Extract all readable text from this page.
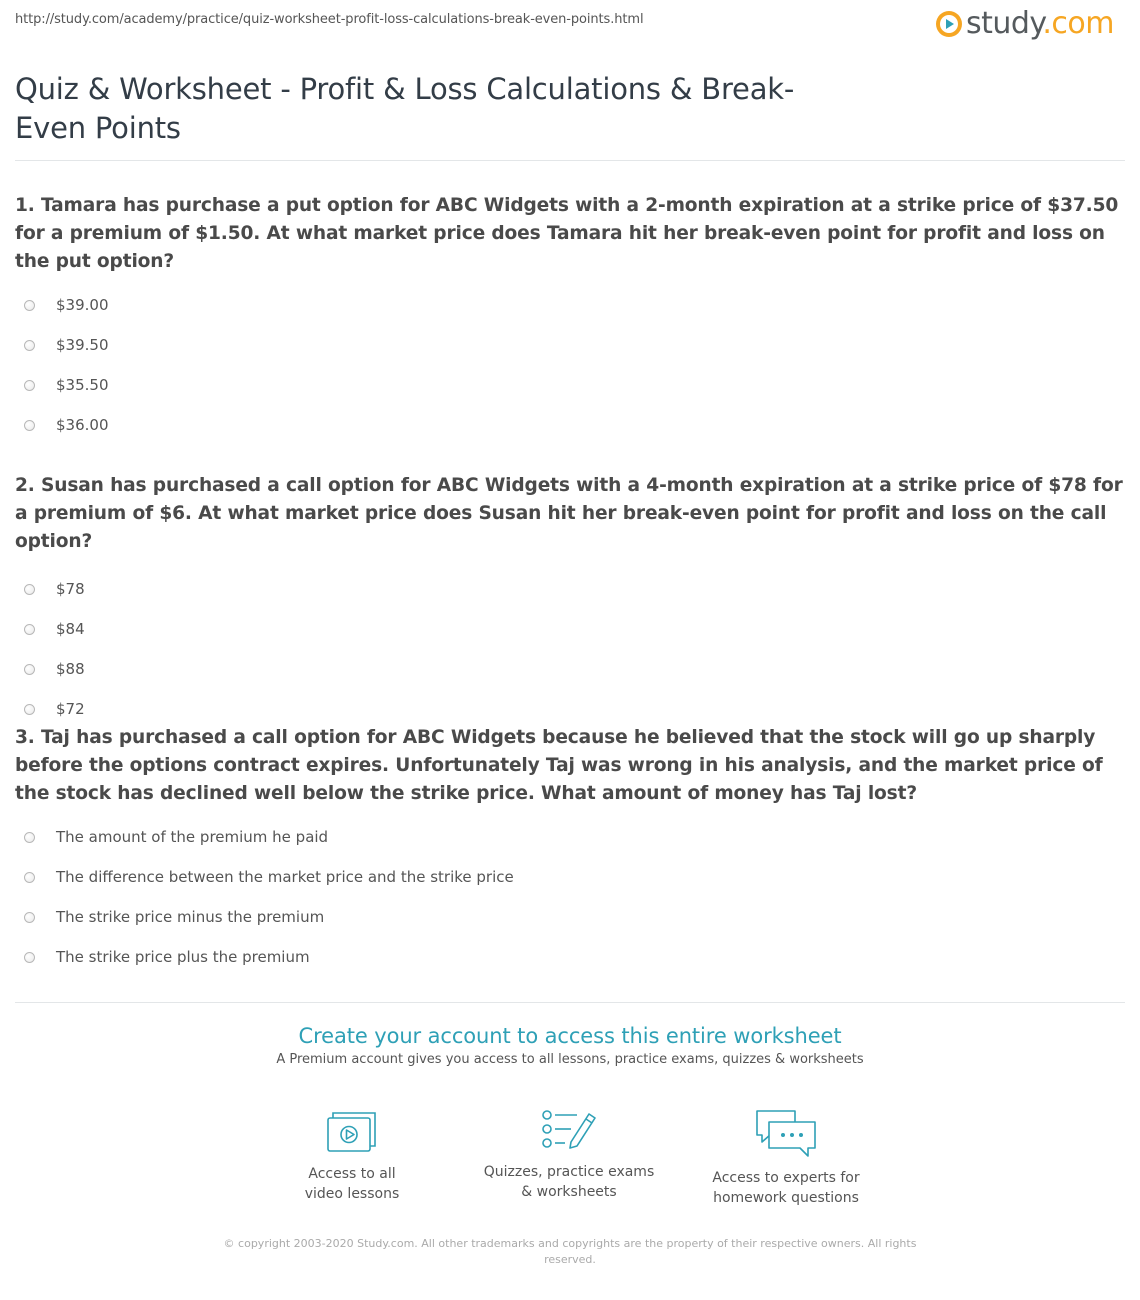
http://study.com/academy/practice/quiz-worksheet-profit-loss-calculations-break-even-points.html	study.com
Quiz & Worksheet - Profit & Loss Calculations & Break-Even Points

1. Tamara has purchase a put option for ABC Widgets with a 2-month expiration at a strike price of $37.50 for a premium of $1.50. At what market price does Tamara hit her break-even point for profit and loss on the put option?

$39.00
$39.50
$35.50
$36.00

2. Susan has purchased a call option for ABC Widgets with a 4-month expiration at a strike price of $78 for a premium of $6. At what market price does Susan hit her break-even point for profit and loss on the call option?

$78
$84
$88
$72

3. Taj has purchased a call option for ABC Widgets because he believed that the stock will go up sharply before the options contract expires. Unfortunately Taj was wrong in his analysis, and the market price of the stock has declined well below the strike price. What amount of money has Taj lost?

The amount of the premium he paid
The difference between the market price and the strike price
The strike price minus the premium
The strike price plus the premium

Create your account to access this entire worksheet

A Premium account gives you access to all lessons, practice exams, quizzes & worksheets
Access to all
video lessons
Quizzes, practice exams
& worksheets
Access to experts for
homework questions
© copyright 2003-2020 Study.com. All other trademarks and copyrights are the property of their respective owners. All rights reserved.
